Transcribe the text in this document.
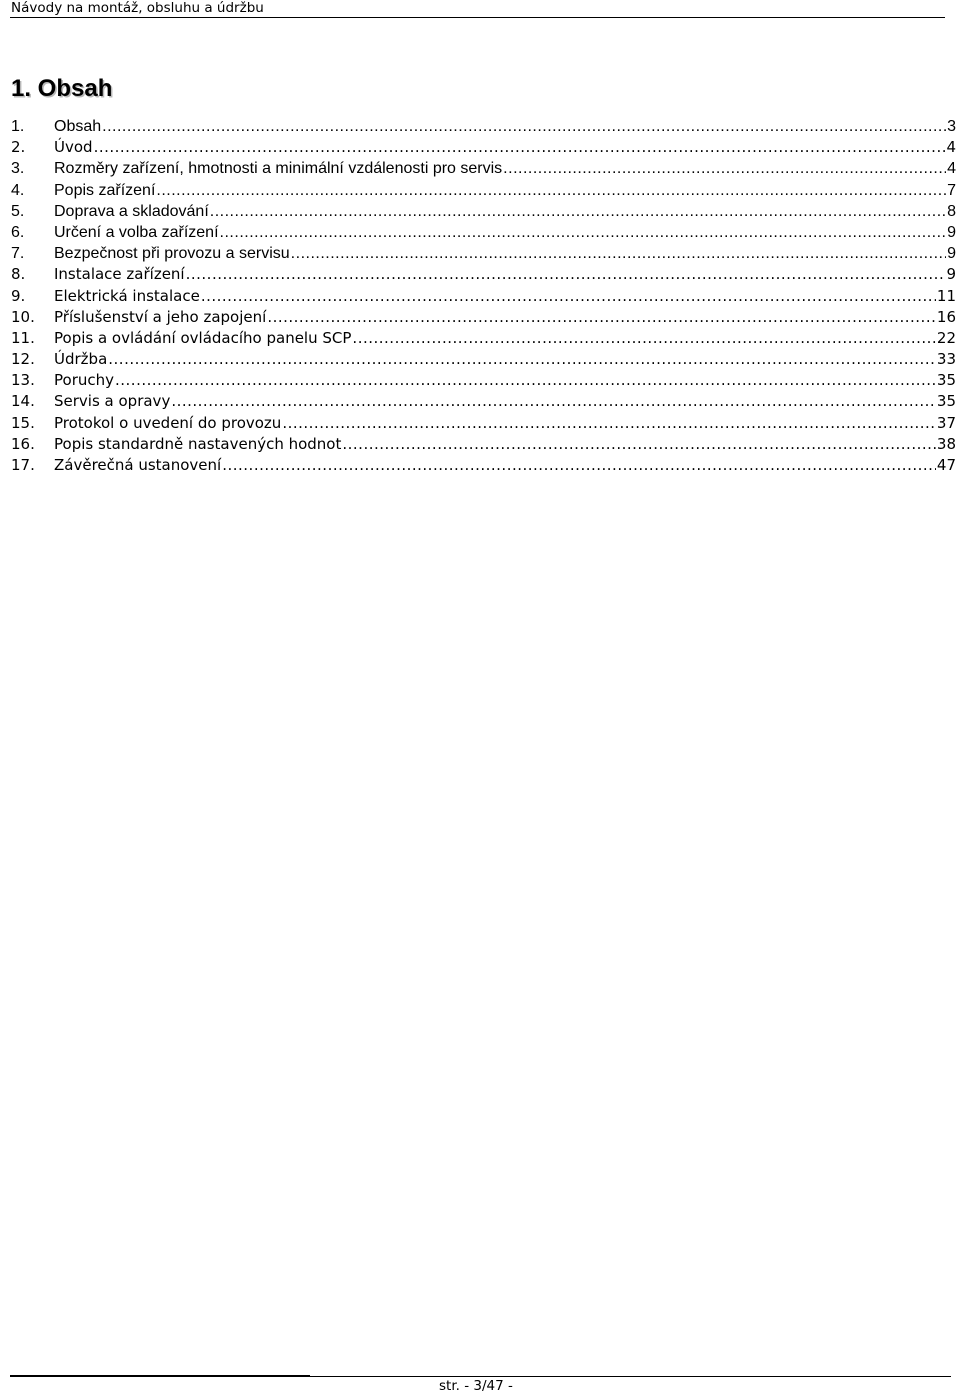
Návody na montáž, obsluhu a údržbu
1. Obsah
1.	Obsah .....	3
2.	Úvod .....	4
3.	Rozměry zařízení, hmotnosti a minimální vzdálenosti pro servis .....	4
4.	Popis zařízení .....	7
5.	Doprava a skladování .....	8
6.	Určení a volba zařízení .....	9
7.	Bezpečnost při provozu a servisu .....	9
8.	Instalace zařízení .....	9
9.	Elektrická instalace .....	11
10.	Příslušenství a jeho zapojení .....	16
11.	Popis a ovládání ovládacího panelu SCP .....	22
12.	Údržba .....	33
13.	Poruchy .....	35
14.	Servis a opravy .....	35
15.	Protokol o uvedení do provozu .....	37
16.	Popis standardně nastavených hodnot .....	38
17.	Závěrečná ustanovení .....	47
str. - 3/47 -
